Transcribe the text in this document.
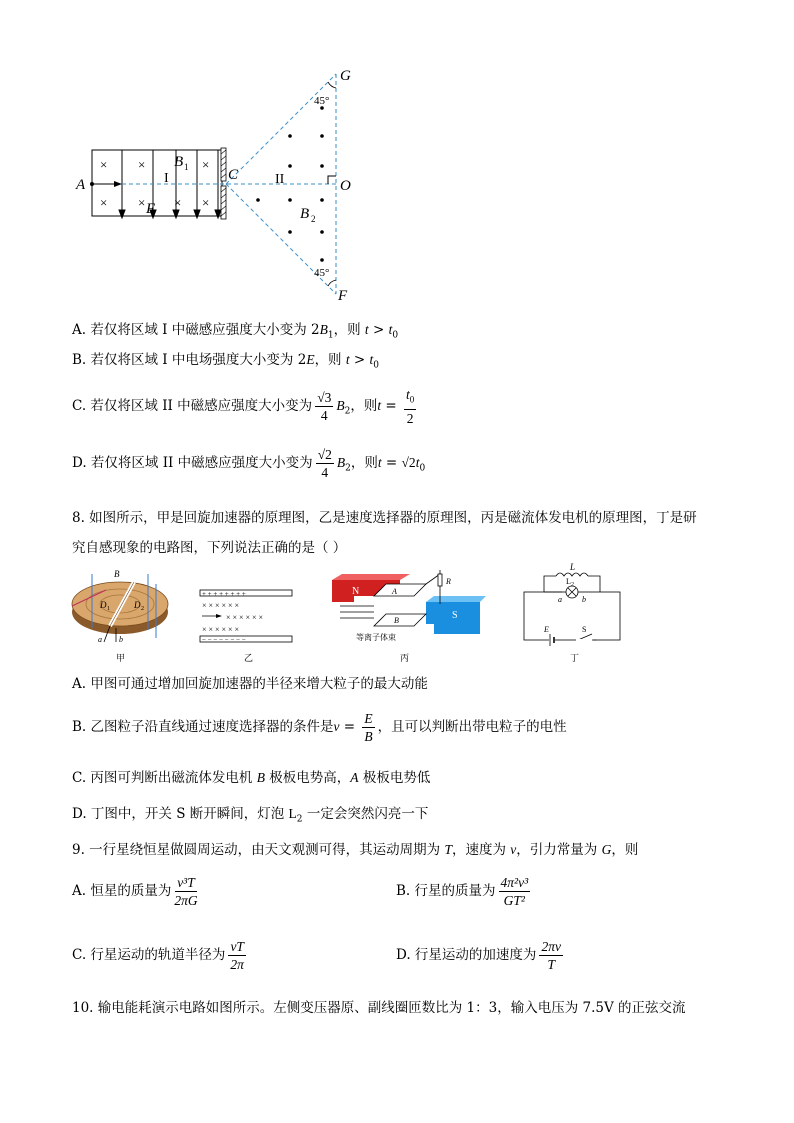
× ×	×
× × × ×
A
B 1
E
C
I	II	O
B 2
G
F
45°
45°
A. 若仅将区域 I 中磁感应强度大小变为 $2B_1$，则 $t > t_0$
B. 若仅将区域 I 中电场强度大小变为 2E，则 $t > t_0$
C. 若仅将区域 II 中磁感应强度大小变为 $\frac{√3}{4} B_2$，则$t = \frac{t_0}{2}$
D. 若仅将区域 II 中磁感应强度大小变为 $\frac{√2}{4} B_2$，则$t = √2t_0$
8. 如图所示，甲是回旋加速器的原理图，乙是速度选择器的原理图，丙是磁流体发电机的原理图，丁是研
究自感现象的电路图，下列说法正确的是（ ）
B
D 1	D 2
a b
甲
+ + + + + + + +
− − − − − − − −
× × × × × ×
× × × × × ×
× × × × × ×
乙
N
S
A
B
R
等离子体束
丙
L
L 2
a	b
E	S
丁
A. 甲图可通过增加回旋加速器的半径来增大粒子的最大动能
B. 乙图粒子沿直线通过速度选择器的条件是$v = \frac{E}{B}$ ，且可以判断出带电粒子的电性
C. 丙图可判断出磁流体发电机 B 极板电势高，A 极板电势低
D. 丁图中，开关 S 断开瞬间，灯泡 $L_2$ 一定会突然闪亮一下
9. 一行星绕恒星做圆周运动，由天文观测可得，其运动周期为 T，速度为 v，引力常量为 G，则
A. 恒星的质量为 $\frac{\text{v³T}}{2\pi G}$	B. 行星的质量为 $\frac{\text{4π²v³}}{\text{GT²}}$
C. 行星运动的轨道半径为 $\frac{vT}{2\pi}$	D. 行星运动的加速度为 $\frac{2\pi v}{T}$
10. 输电能耗演示电路如图所示。左侧变压器原、副线圈匝数比为 1：3，输入电压为 7.5V 的正弦交流
